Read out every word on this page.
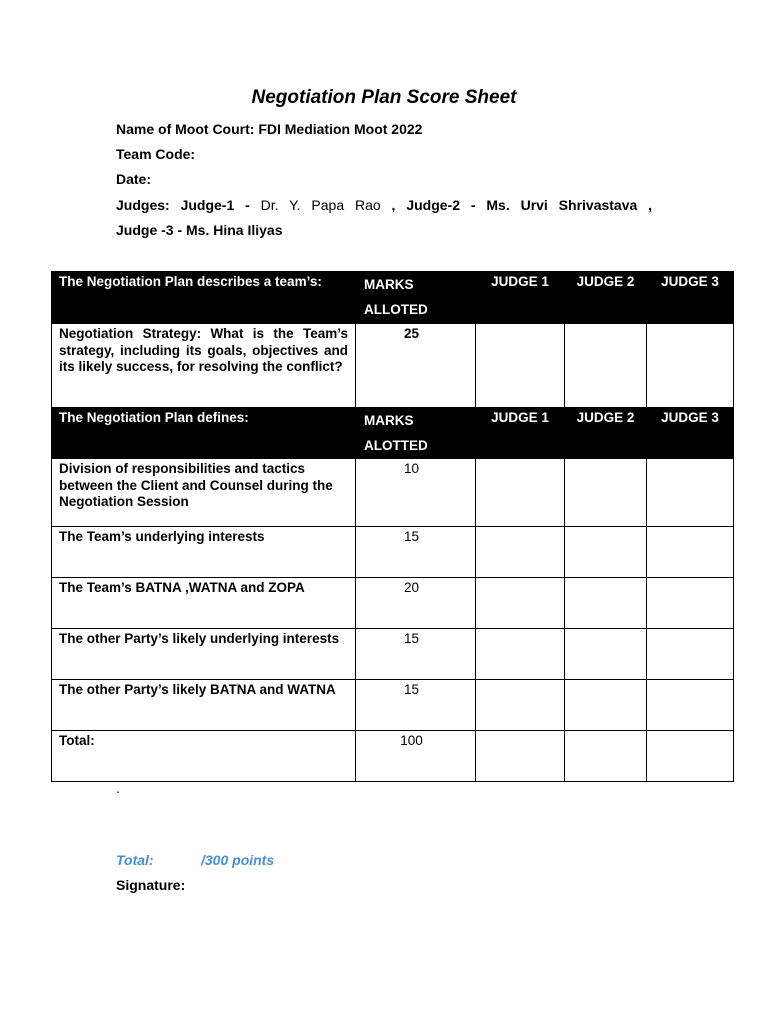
Negotiation Plan Score Sheet
Name of Moot Court: FDI Mediation Moot 2022
Team Code:
Date:
Judges: Judge-1 - Dr. Y. Papa Rao , Judge-2 - Ms. Urvi Shrivastava ,
Judge -3 - Ms. Hina Iliyas
The Negotiation Plan describes a team’s:	MARKS ALLOTED	JUDGE 1	JUDGE 2	JUDGE 3

Negotiation Strategy: What is the Team’s strategy, including its goals, objectives and its likely success, for resolving the conflict?	25			

The Negotiation Plan defines:	MARKS ALOTTED	JUDGE 1	JUDGE 2	JUDGE 3

Division of responsibilities and tactics between the Client and Counsel during the Negotiation Session	10			

The Team’s underlying interests	15			

The Team’s BATNA ,WATNA and ZOPA	20			

The other Party’s likely underlying interests	15			

The other Party’s likely BATNA and WATNA	15			

Total:	100			
.
Total:	/300 points
Signature:
